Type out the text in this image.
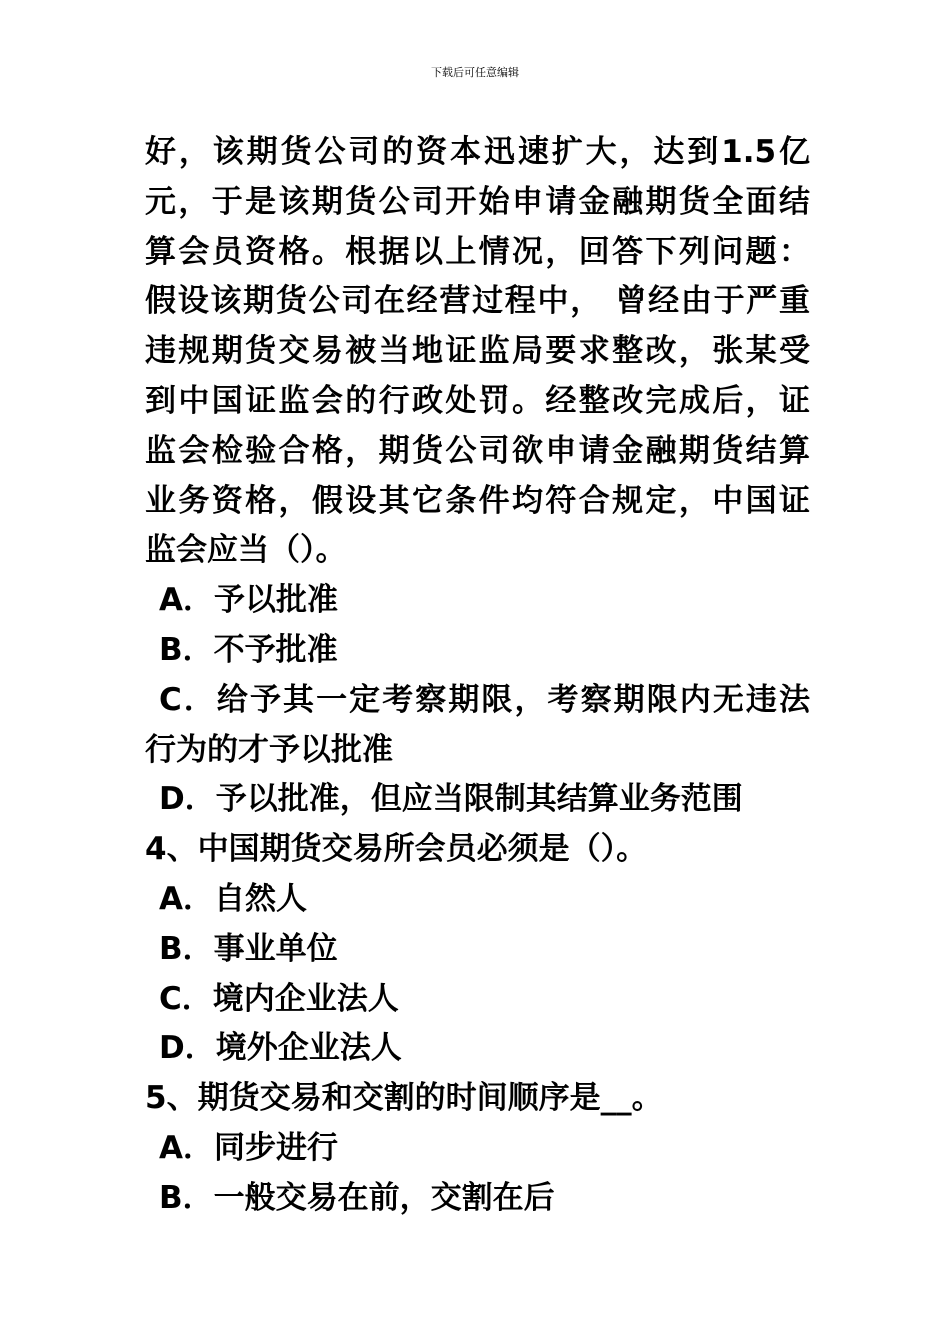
下载后可任意编辑
好，该期货公司的资本迅速扩大，达到1.5亿
元，于是该期货公司开始申请金融期货全面结
算会员资格。根据以上情况，回答下列问题：
假设该期货公司在经营过程中， 曾经由于严重
违规期货交易被当地证监局要求整改，张某受
到中国证监会的行政处罚。经整改完成后，证
监会检验合格，期货公司欲申请金融期货结算
业务资格，假设其它条件均符合规定，中国证
监会应当（）。
A．予以批准
B．不予批准
C．给予其一定考察期限，考察期限内无违法
行为的才予以批准
D．予以批准，但应当限制其结算业务范围
4、中国期货交易所会员必须是（）。
A．自然人
B．事业单位
C．境内企业法人
D．境外企业法人
5、期货交易和交割的时间顺序是__。
A．同步进行
B．一般交易在前，交割在后
